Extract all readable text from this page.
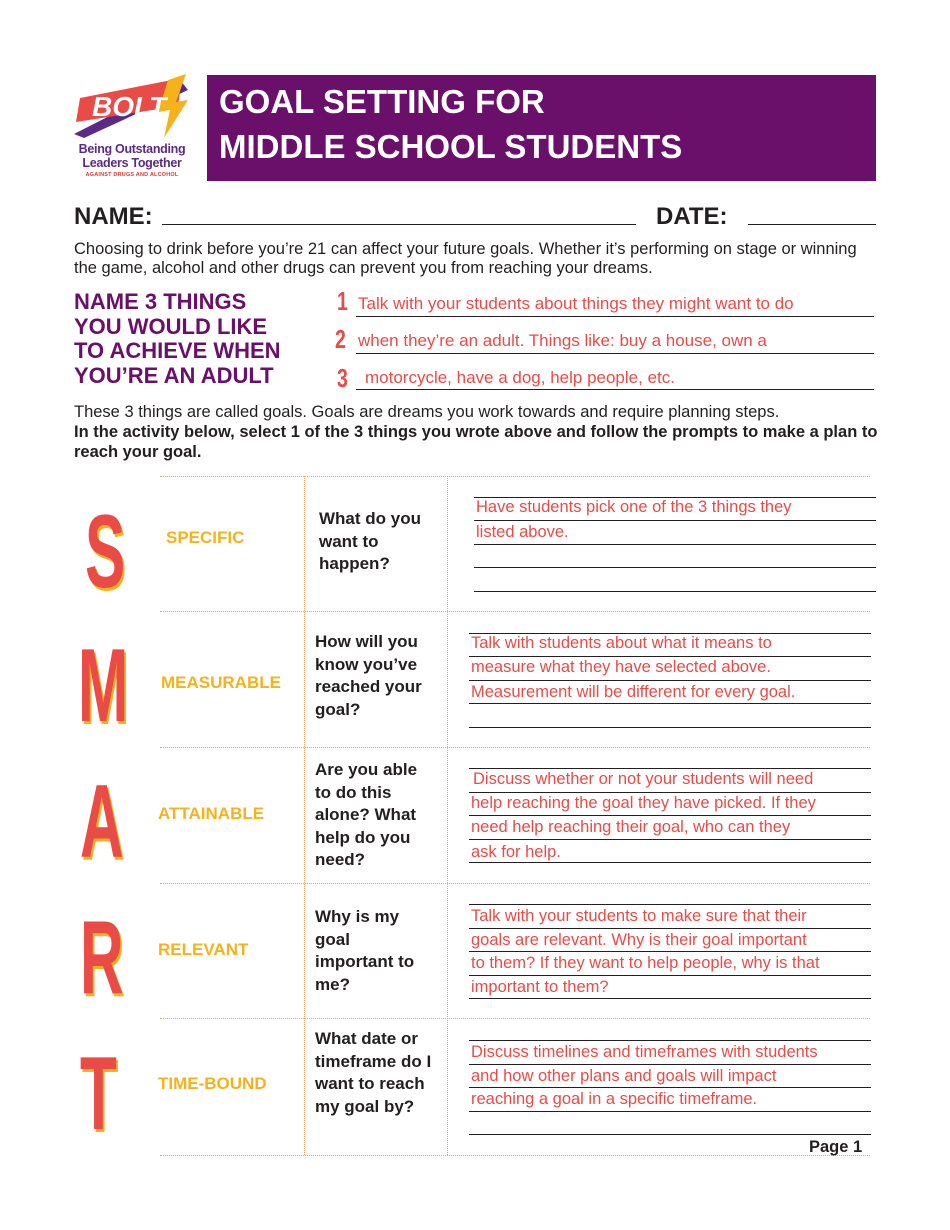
BOLT
Being Outstanding
Leaders Together
AGAINST DRUGS AND ALCOHOL
GOAL SETTING FOR
MIDDLE SCHOOL STUDENTS
NAME:	DATE:
Choosing to drink before you’re 21 can affect your future goals. Whether it’s performing on stage or winning the game, alcohol and other drugs can prevent you from reaching your dreams.
NAME 3 THINGS
YOU WOULD LIKE
TO ACHIEVE WHEN
YOU’RE AN ADULT
1 Talk with your students about things they might want to do
2 when they’re an adult. Things like: buy a house, own a
3 motorcycle, have a dog, help people, etc.
These 3 things are called goals. Goals are dreams you work towards and require planning steps.
In the activity below, select 1 of the 3 things you wrote above and follow the prompts to make a plan to reach your goal.
S SPECIFIC
What do you want to happen?
Have students pick one of the 3 things they
listed above.
M MEASURABLE
How will you know you’ve reached your goal?
Talk with students about what it means to
measure what they have selected above.
Measurement will be different for every goal.
A ATTAINABLE
Are you able to do this alone? What help do you need?
Discuss whether or not your students will need
help reaching the goal they have picked. If they
need help reaching their goal, who can they
ask for help.
R RELEVANT
Why is my goal important to me?
Talk with your students to make sure that their
goals are relevant. Why is their goal important
to them? If they want to help people, why is that
important to them?
T TIME-BOUND
What date or timeframe do I want to reach my goal by?
Discuss timelines and timeframes with students
and how other plans and goals will impact
reaching a goal in a specific timeframe.
Page 1
